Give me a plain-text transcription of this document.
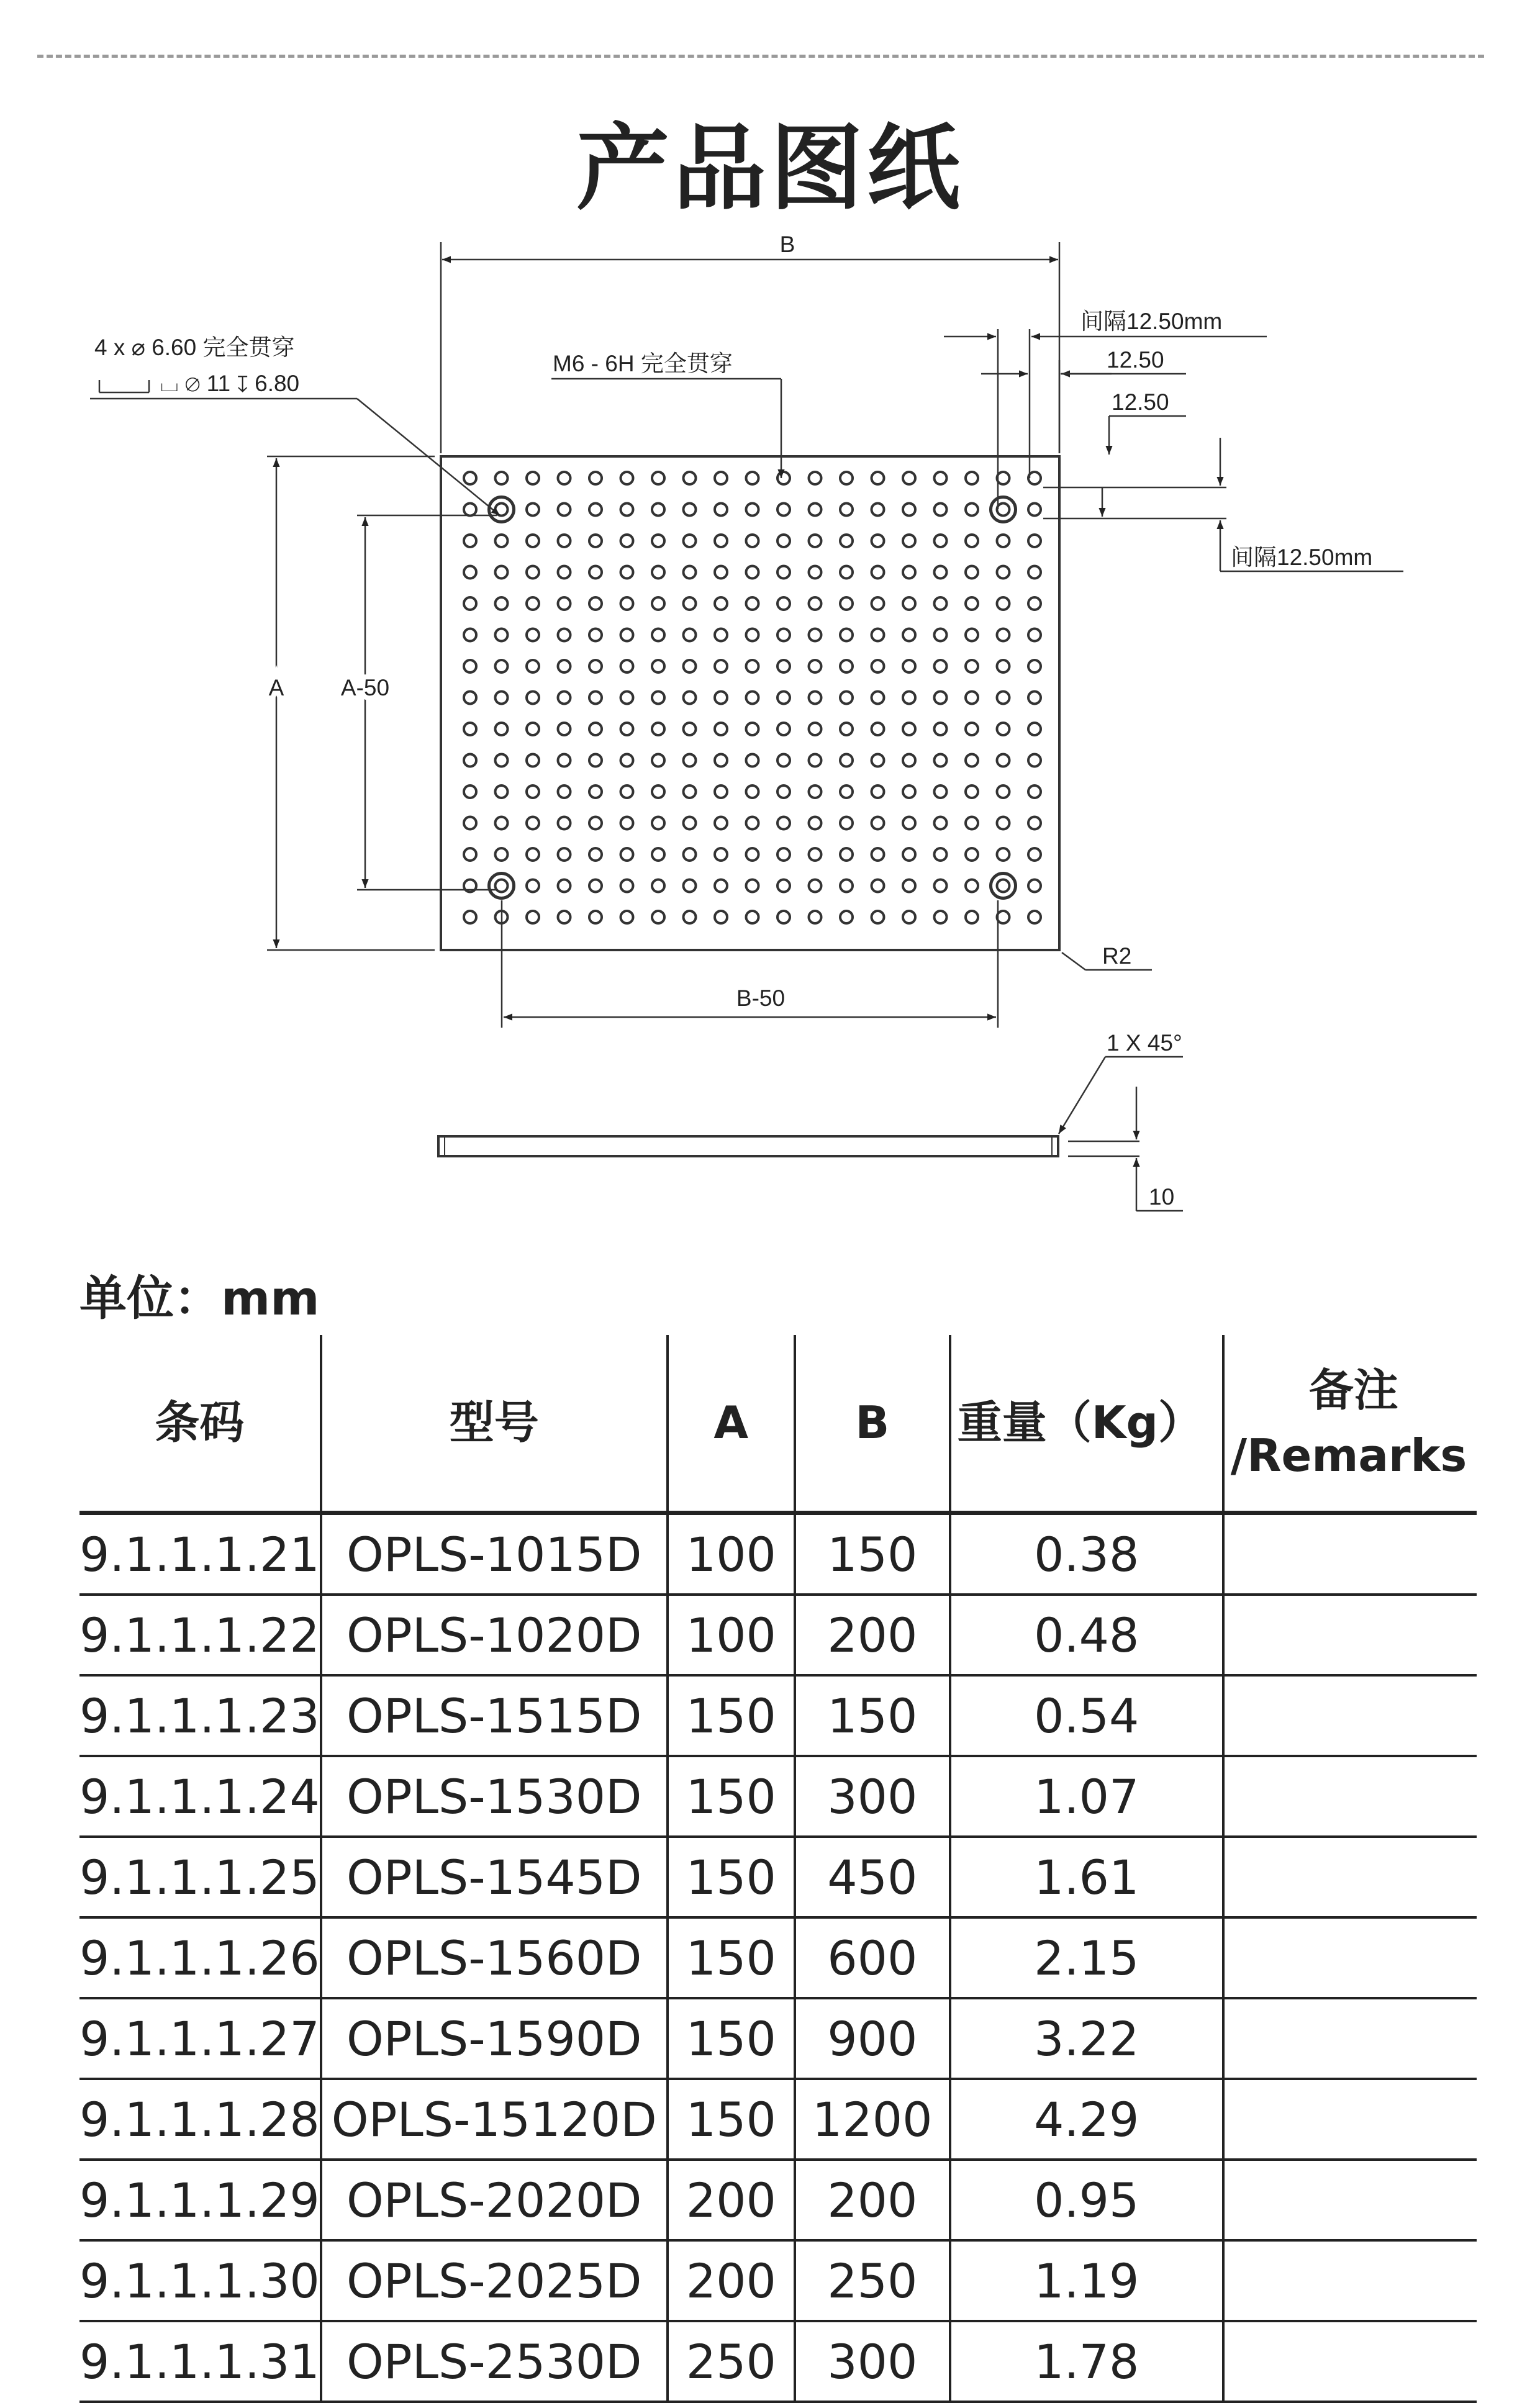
产品图纸
B
A A-50
B-50
4 x ⌀ 6.60 完全贯穿
⌴ ⌀ 11 ↧ 6.80
M6 - 6H 完全贯穿
间隔12.50mm
12.50
12.50
间隔12.50mm
R2
10
1 X 45°
单位：mm
条码	型号	A	B	重量（Kg）	备注
/Remarks
9.1.1.1.21	OPLS-1015D	100	150	0.38	
9.1.1.1.22	OPLS-1020D	100	200	0.48	
9.1.1.1.23	OPLS-1515D	150	150	0.54	
9.1.1.1.24	OPLS-1530D	150	300	1.07	
9.1.1.1.25	OPLS-1545D	150	450	1.61	
9.1.1.1.26	OPLS-1560D	150	600	2.15	
9.1.1.1.27	OPLS-1590D	150	900	3.22	
9.1.1.1.28	OPLS-15120D	150	1200	4.29	
9.1.1.1.29	OPLS-2020D	200	200	0.95	
9.1.1.1.30	OPLS-2025D	200	250	1.19	
9.1.1.1.31	OPLS-2530D	250	300	1.78	
